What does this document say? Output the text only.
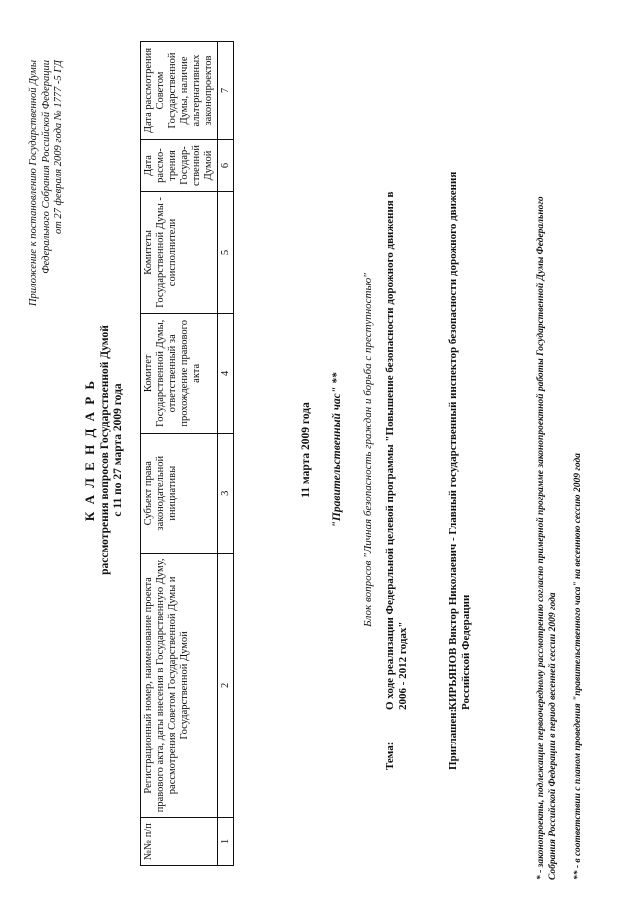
Приложение к постановлению Государственной Думы Федерального Собрания Российской Федерации от 27 февраля 2009 года № 1777 -5 ГД
К А Л Е Н Д А Р Ь рассмотрения вопросов Государственной Думой с 11 по 27 марта 2009 года
№№ п/п	Регистрационный номер, наименование проекта правового акта, даты внесения в Государственную Думу, рассмотрения Советом Государственной Думы и Государственной Думой	Субъект права законодательной инициативы	Комитет Государственной Думы, ответственный за прохождение правового акта	Комитеты Государственной Думы - соисполнители	Дата рассмо- трения Государ- ственной Думой	Дата рассмотрения Советом Государственной Думы, наличие альтернативных законопроектов
1	2	3	4	5	6	7
11 марта 2009 года "Правительственный час" ** Блок вопросов "Личная безопасность граждан и борьба с преступностью"
Тема:
О ходе реализации Федеральной целевой программы "Повышение безопасности дорожного движения в 2006 - 2012 годах"
Приглашен:
КИРЬЯНОВ Виктор Николаевич - Главный государственный инспектор безопасности дорожного движения Российской Федерации	* - законопроекты, подлежащие первоочередному рассмотрению согласно примерной программе законопроектной работы Государственной Думы Федерального Собрания Российской Федерации в период весенней сессии 2009 года ** - в соответствии с планом проведения "правительственного часа" на весеннюю сессию 2009 года
